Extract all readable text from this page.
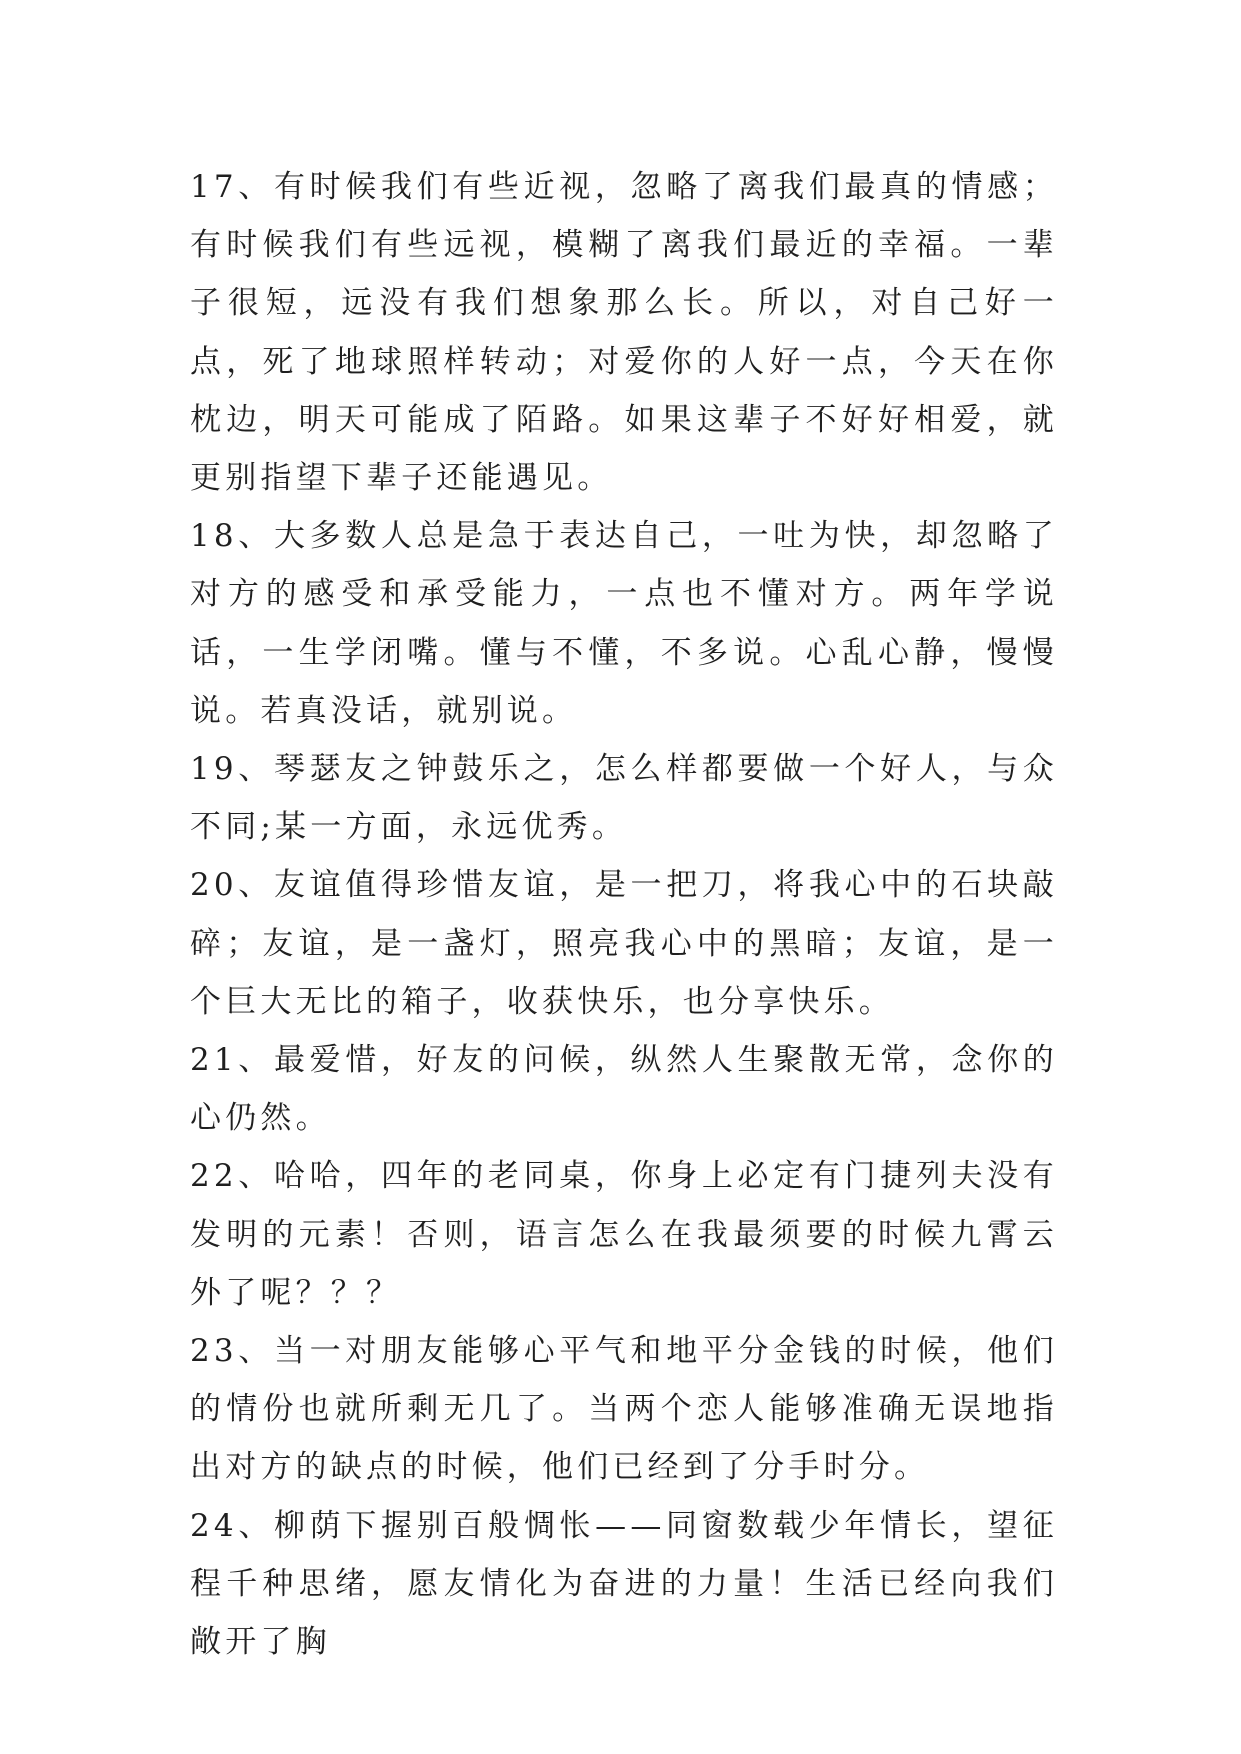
17、有时候我们有些近视，忽略了离我们最真的情感；有时候我们有些远视，模糊了离我们最近的幸福。一辈子很短，远没有我们想象那么长。所以，对自己好一点，死了地球照样转动；对爱你的人好一点，今天在你枕边，明天可能成了陌路。如果这辈子不好好相爱，就更别指望下辈子还能遇见。

18、大多数人总是急于表达自己，一吐为快，却忽略了对方的感受和承受能力，一点也不懂对方。两年学说话，一生学闭嘴。懂与不懂，不多说。心乱心静，慢慢说。若真没话，就别说。

19、琴瑟友之钟鼓乐之，怎么样都要做一个好人，与众不同;某一方面，永远优秀。

20、友谊值得珍惜友谊，是一把刀，将我心中的石块敲碎；友谊，是一盏灯，照亮我心中的黑暗；友谊，是一个巨大无比的箱子，收获快乐，也分享快乐。

21、最爱惜，好友的问候，纵然人生聚散无常，念你的心仍然。

22、哈哈，四年的老同桌，你身上必定有门捷列夫没有发明的元素！否则，语言怎么在我最须要的时候九霄云外了呢？？？

23、当一对朋友能够心平气和地平分金钱的时候，他们的情份也就所剩无几了。当两个恋人能够准确无误地指出对方的缺点的时候，他们已经到了分手时分。

24、柳荫下握别百般惆怅——同窗数载少年情长，望征程千种思绪，愿友情化为奋进的力量！生活已经向我们敞开了胸
